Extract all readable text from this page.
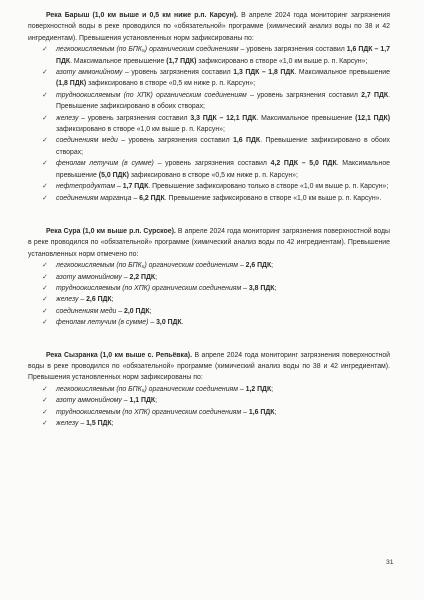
Река Барыш (1,0 км выше и 0,5 км ниже р.п. Карсун). В апреле 2024 года мониторинг загрязнения поверхностной воды в реке проводился по «обязательной» программе (химический анализ воды по 38 и 42 ингредиентам). Превышения установленных норм зафиксированы по:

✓	легкоокисляемым (по БПК₅) органическим соединениям – уровень загрязнения составил 1,6 ПДК – 1,7 ПДК. Максимальное превышение (1,7 ПДК) зафиксировано в створе «1,0 км выше р. п. Карсун»;
✓	азоту аммонийному – уровень загрязнения составил 1,3 ПДК – 1,8 ПДК. Максимальное превышение (1,8 ПДК) зафиксировано в створе «0,5 км ниже р. п. Карсун»;
✓	трудноокисляемым (по ХПК) органическим соединениям – уровень загрязнения составил 2,7 ПДК. Превышение зафиксировано в обоих створах;
✓	железу – уровень загрязнения составил 3,3 ПДК – 12,1 ПДК. Максимальное превышение (12,1 ПДК) зафиксировано в створе «1,0 км выше р. п. Карсун»;
✓	соединениям меди – уровень загрязнения составил 1,6 ПДК. Превышение зафиксировано в обоих створах;
✓	фенолам летучим (в сумме) – уровень загрязнения составил 4,2 ПДК – 5,0 ПДК. Максимальное превышение (5,0 ПДК) зафиксировано в створе «0,5 км ниже р. п. Карсун»;
✓	нефтепродуктам – 1,7 ПДК. Превышение зафиксировано только в створе «1,0 км выше р. п. Карсун»;
✓	соединениям марганца – 6,2 ПДК. Превышение зафиксировано в створе «1,0 км выше р. п. Карсун».

Река Сура (1,0 км выше р.п. Сурское). В апреле 2024 года мониторинг загрязнения поверхностной воды в реке проводился по «обязательной» программе (химический анализ воды по 42 ингредиентам). Превышение установленных норм отмечено по:

✓	легкоокисляемым (по БПК₅) органическим соединениям – 2,6 ПДК;
✓	азоту аммонийному – 2,2 ПДК;
✓	трудноокисляемым (по ХПК) органическим соединениям – 3,8 ПДК;
✓	железу – 2,6 ПДК;
✓	соединениям меди – 2,0 ПДК;
✓	фенолам летучим (в сумме) – 3,0 ПДК.

Река Сызранка (1,0 км выше с. Репьёвка). В апреле 2024 года мониторинг загрязнения поверхностной воды в реке проводился по «обязательной» программе (химический анализ воды по 38 и 42 ингредиентам). Превышения установленных норм зафиксированы по:

✓	легкоокисляемым (по БПК₅) органическим соединениям – 1,2 ПДК;
✓	азоту аммонийному – 1,1 ПДК;
✓	трудноокисляемым (по ХПК) органическим соединениям – 1,6 ПДК;
✓	железу – 1,5 ПДК;
31
